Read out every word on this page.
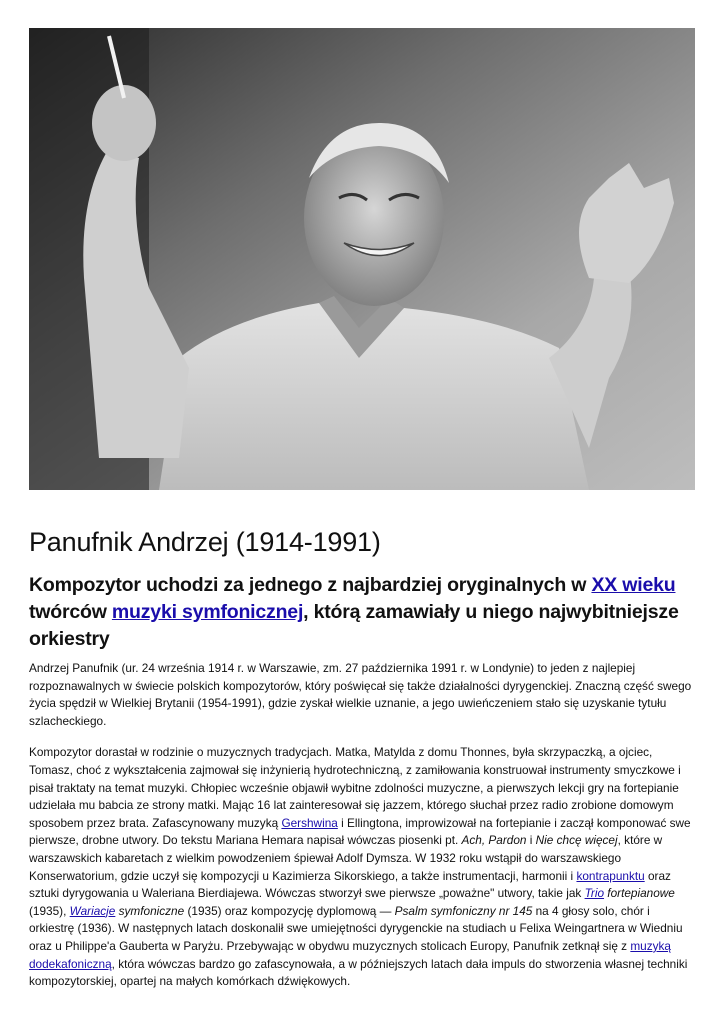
Panufnik Andrzej (1914-1991)
Kompozytor uchodzi za jednego z najbardziej oryginalnych w XX wieku twórców muzyki symfonicznej, którą zamawiały u niego najwybitniejsze orkiestry

Andrzej Panufnik (ur. 24 września 1914 r. w Warszawie, zm. 27 października 1991 r. w Londynie) to jeden z najlepiej rozpoznawalnych w świecie polskich kompozytorów, który poświęcał się także działalności dyrygenckiej. Znaczną część swego życia spędził w Wielkiej Brytanii (1954-1991), gdzie zyskał wielkie uznanie, a jego uwieńczeniem stało się uzyskanie tytułu szlacheckiego.

Kompozytor dorastał w rodzinie o muzycznych tradycjach. Matka, Matylda z domu Thonnes, była skrzypaczką, a ojciec, Tomasz, choć z wykształcenia zajmował się inżynierią hydrotechniczną, z zamiłowania konstruował instrumenty smyczkowe i pisał traktaty na temat muzyki. Chłopiec wcześnie objawił wybitne zdolności muzyczne, a pierwszych lekcji gry na fortepianie udzielała mu babcia ze strony matki. Mając 16 lat zainteresował się jazzem, którego słuchał przez radio zrobione domowym sposobem przez brata. Zafascynowany muzyką Gershwina i Ellingtona, improwizował na fortepianie i zaczął komponować swe pierwsze, drobne utwory. Do tekstu Mariana Hemara napisał wówczas piosenki pt. Ach, Pardon i Nie chcę więcej, które w warszawskich kabaretach z wielkim powodzeniem śpiewał Adolf Dymsza. W 1932 roku wstąpił do warszawskiego Konserwatorium, gdzie uczył się kompozycji u Kazimierza Sikorskiego, a także instrumentacji, harmonii i kontrapunktu oraz sztuki dyrygowania u Waleriana Bierdiajewa. Wówczas stworzył swe pierwsze „poważne" utwory, takie jak Trio fortepianowe (1935), Wariacje symfoniczne (1935) oraz kompozycję dyplomową — Psalm symfoniczny nr 145 na 4 głosy solo, chór i orkiestrę (1936). W następnych latach doskonalił swe umiejętności dyrygenckie na studiach u Felixa Weingartnera w Wiedniu oraz u Philippe'a Gauberta w Paryżu. Przebywając w obydwu muzycznych stolicach Europy, Panufnik zetknął się z muzyką dodekafoniczną, która wówczas bardzo go zafascynowała, a w późniejszych latach dała impuls do stworzenia własnej techniki kompozytorskiej, opartej na małych komórkach dźwiękowych.
